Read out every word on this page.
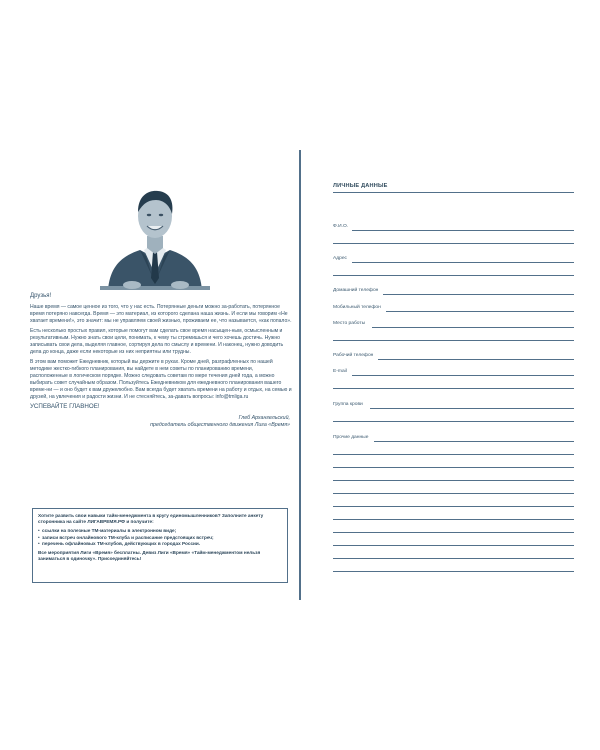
Друзья!

Наше время — самое ценное из того, что у нас есть. Потерянные деньги можно за-работать, потерянное время потеряно навсегда. Время — это материал, из которого сделана наша жизнь. И если мы говорим «Не хватает времени!», это значит: мы не управляем своей жизнью, проживаем ее, что называется, «как попало».

Есть несколько простых правил, которые помогут вам сделать свое время насыщен-ным, осмысленным и результативным. Нужно знать свои цели, понимать, к чему ты стремишься и чего хочешь достичь. Нужно записывать свои дела, выделяя главное, сортируя дела по смыслу и времени. И наконец, нужно доводить дела до конца, даже если некоторые из них неприятны или трудны.

В этом вам поможет Ежедневник, который вы держите в руках. Кроме дней, разграфленных по нашей методике жестко-гибкого планирования, вы найдете в нем советы по планированию времени, расположенные в логическом порядке. Можно следовать советам по мере течения дней года, а можно выбирать совет случайным образом. Пользуйтесь Ежедневником для ежедневного планирования вашего време-ни — и оно будет к вам дружелюбно. Вам всегда будет хватать времени на работу и отдых, на семью и друзей, на увлечения и радости жизни. И не стесняйтесь, за-давать вопросы: info@tmliga.ru

УСПЕВАЙТЕ ГЛАВНОЕ!

Глеб Архангельский,
председатель общественного движения Лига «Время»
Хотите развить свои навыки тайм-менеджмента в кругу единомышленников? Заполните анкету сторонника на сайте ЛИГАВРЕМЯ.РФ и получите:
• ссылки на полезные ТМ-материалы в электронном виде;
• записи встреч онлайнового ТМ-клуба и расписание предстоящих встреч;
• перечень офлайновых ТМ-клубов, действующих в городах России.
Все мероприятия Лиги «Время» бесплатны. Девиз Лиги «Время» «Тайм-менеджментом нельзя заниматься в одиночку». Присоединяйтесь!
ЛИЧНЫЕ ДАННЫЕ
Ф.И.О.
Адрес
Домашний телефон
Мобильный телефон
Место работы
Рабочий телефон
E-mail
Группа крови
Прочие данные
